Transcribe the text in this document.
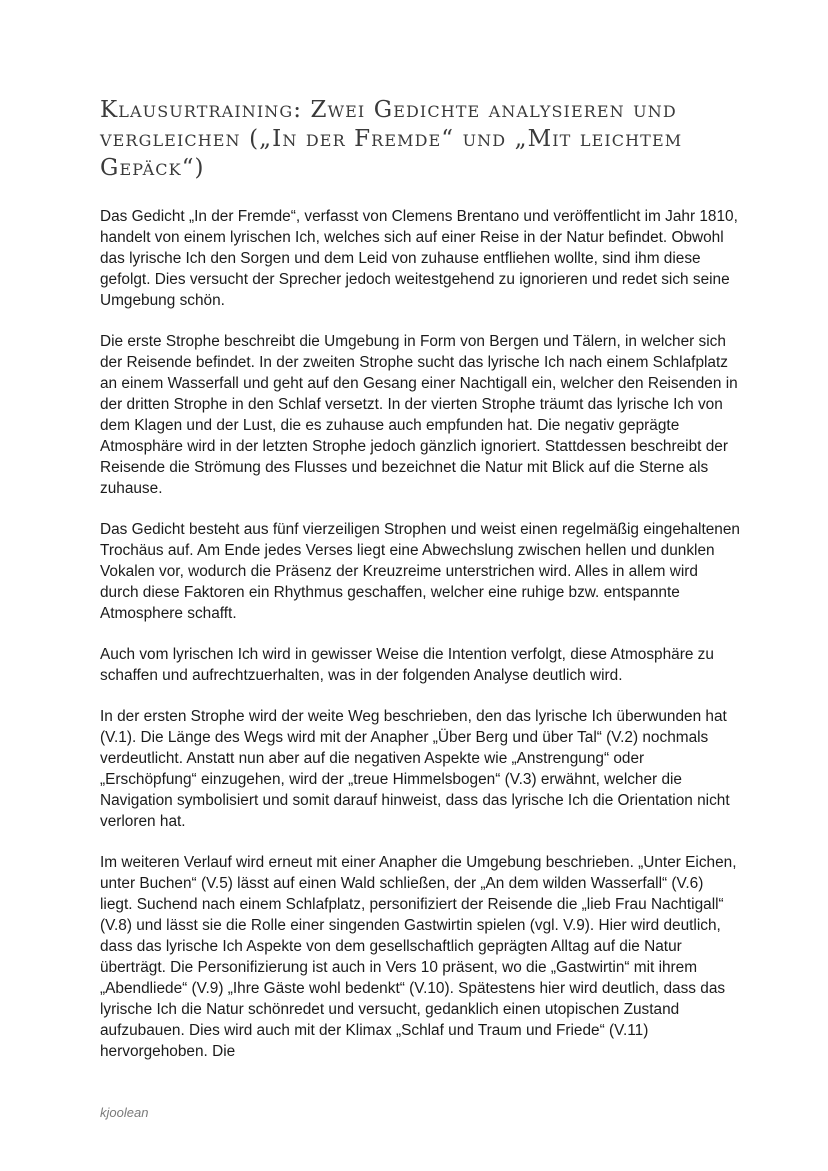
Klausurtraining: Zwei Gedichte analysieren und vergleichen („In der Fremde“ und „Mit leichtem Gepäck“)

Das Gedicht „In der Fremde“, verfasst von Clemens Brentano und veröffentlicht im Jahr 1810, handelt von einem lyrischen Ich, welches sich auf einer Reise in der Natur befindet. Obwohl das lyrische Ich den Sorgen und dem Leid von zuhause entfliehen wollte, sind ihm diese gefolgt. Dies versucht der Sprecher jedoch weitestgehend zu ignorieren und redet sich seine Umgebung schön.

Die erste Strophe beschreibt die Umgebung in Form von Bergen und Tälern, in welcher sich der Reisende befindet. In der zweiten Strophe sucht das lyrische Ich nach einem Schlafplatz an einem Wasserfall und geht auf den Gesang einer Nachtigall ein, welcher den Reisenden in der dritten Strophe in den Schlaf versetzt. In der vierten Strophe träumt das lyrische Ich von dem Klagen und der Lust, die es zuhause auch empfunden hat. Die negativ geprägte Atmosphäre wird in der letzten Strophe jedoch gänzlich ignoriert. Stattdessen beschreibt der Reisende die Strömung des Flusses und bezeichnet die Natur mit Blick auf die Sterne als zuhause.

Das Gedicht besteht aus fünf vierzeiligen Strophen und weist einen regelmäßig eingehaltenen Trochäus auf. Am Ende jedes Verses liegt eine Abwechslung zwischen hellen und dunklen Vokalen vor, wodurch die Präsenz der Kreuzreime unterstrichen wird. Alles in allem wird durch diese Faktoren ein Rhythmus geschaffen, welcher eine ruhige bzw. entspannte Atmosphere schafft.

Auch vom lyrischen Ich wird in gewisser Weise die Intention verfolgt, diese Atmosphäre zu schaffen und aufrechtzuerhalten, was in der folgenden Analyse deutlich wird.

In der ersten Strophe wird der weite Weg beschrieben, den das lyrische Ich überwunden hat (V.1). Die Länge des Wegs wird mit der Anapher „Über Berg und über Tal“ (V.2) nochmals verdeutlicht. Anstatt nun aber auf die negativen Aspekte wie „Anstrengung“ oder „Erschöpfung“ einzugehen, wird der „treue Himmelsbogen“ (V.3) erwähnt, welcher die Navigation symbolisiert und somit darauf hinweist, dass das lyrische Ich die Orientation nicht verloren hat.

Im weiteren Verlauf wird erneut mit einer Anapher die Umgebung beschrieben. „Unter Eichen, unter Buchen“ (V.5) lässt auf einen Wald schließen, der „An dem wilden Wasserfall“ (V.6) liegt. Suchend nach einem Schlafplatz, personifiziert der Reisende die „lieb Frau Nachtigall“ (V.8) und lässt sie die Rolle einer singenden Gastwirtin spielen (vgl. V.9). Hier wird deutlich, dass das lyrische Ich Aspekte von dem gesellschaftlich geprägten Alltag auf die Natur überträgt. Die Personifizierung ist auch in Vers 10 präsent, wo die „Gastwirtin“ mit ihrem „Abendliede“ (V.9) „Ihre Gäste wohl bedenkt“ (V.10). Spätestens hier wird deutlich, dass das lyrische Ich die Natur schönredet und versucht, gedanklich einen utopischen Zustand aufzubauen. Dies wird auch mit der Klimax „Schlaf und Traum und Friede“ (V.11) hervorgehoben. Die

kjoolean
